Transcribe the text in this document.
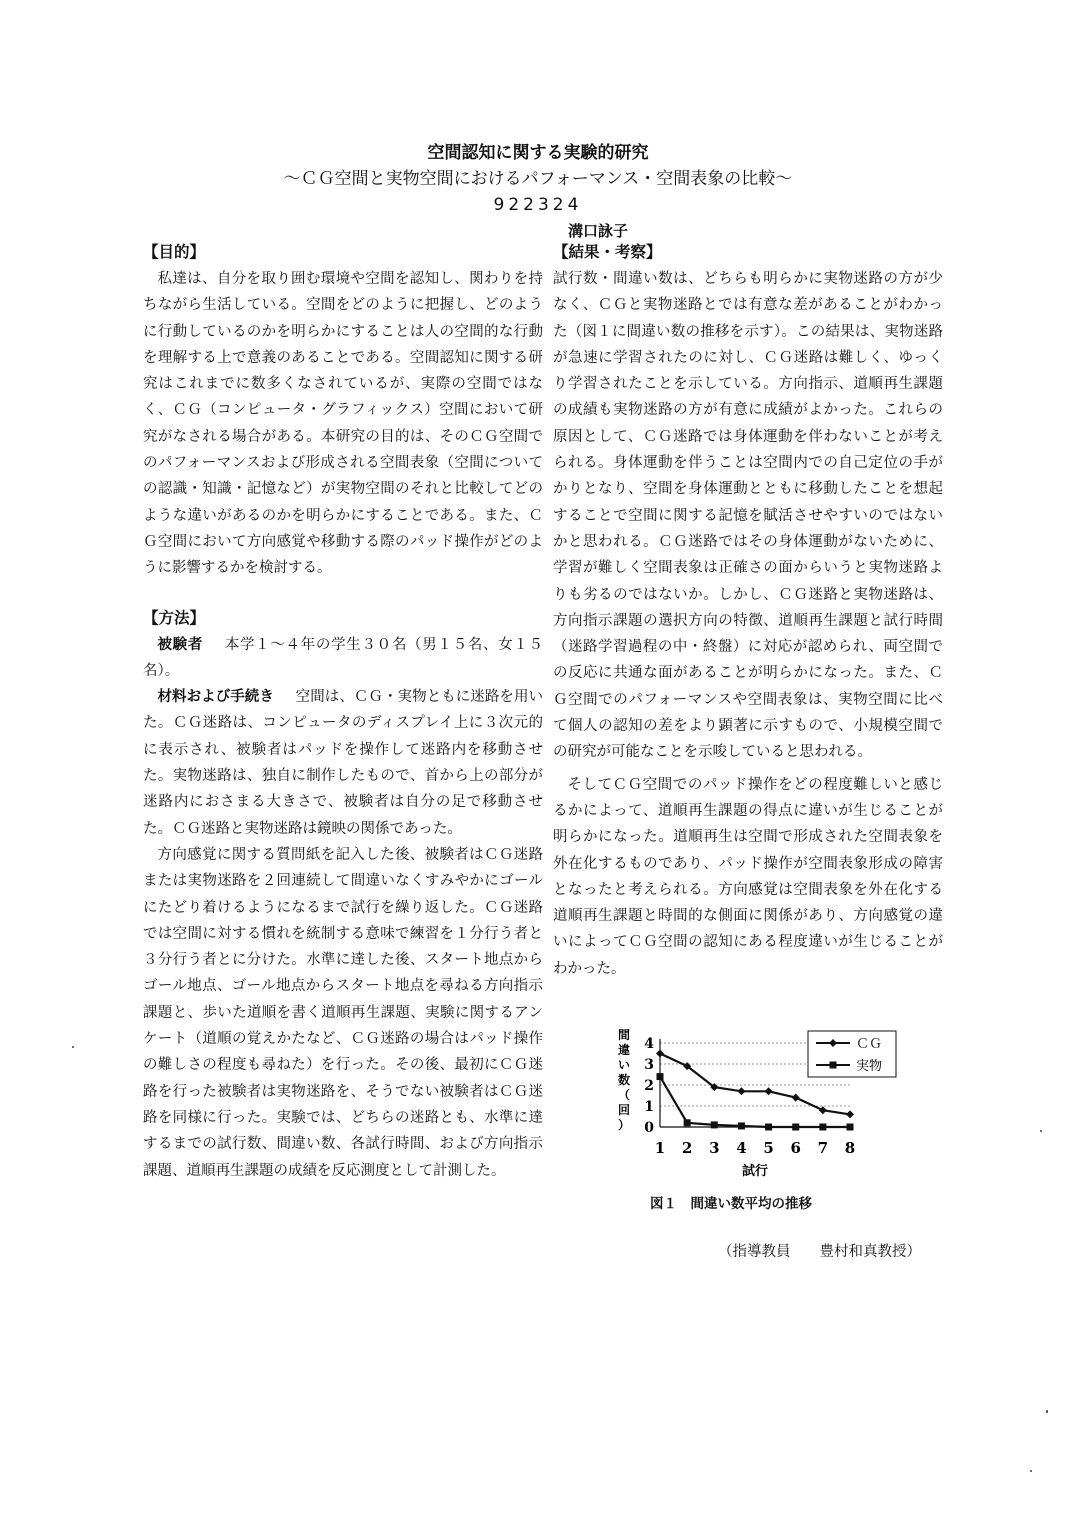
空間認知に関する実験的研究
～ＣＧ空間と実物空間におけるパフォーマンス・空間表象の比較～
922324
溝口詠子
【目的】

私達は、自分を取り囲む環境や空間を認知し、関わりを持ちながら生活している。空間をどのように把握し、どのように行動しているのかを明らかにすることは人の空間的な行動を理解する上で意義のあることである。空間認知に関する研究はこれまでに数多くなされているが、実際の空間ではなく、ＣＧ（コンピュータ・グラフィックス）空間において研究がなされる場合がある。本研究の目的は、そのＣＧ空間でのパフォーマンスおよび形成される空間表象（空間についての認識・知識・記憶など）が実物空間のそれと比較してどのような違いがあるのかを明らかにすることである。また、ＣＧ空間において方向感覚や移動する際のパッド操作がどのように影響するかを検討する。

【方法】

被験者 本学１～４年の学生３０名（男１５名、女１５名）。

材料および手続き 空間は、ＣＧ・実物ともに迷路を用いた。ＣＧ迷路は、コンピュータのディスプレイ上に３次元的に表示され、被験者はパッドを操作して迷路内を移動させた。実物迷路は、独自に制作したもので、首から上の部分が迷路内におさまる大きさで、被験者は自分の足で移動させた。ＣＧ迷路と実物迷路は鏡映の関係であった。

方向感覚に関する質問紙を記入した後、被験者はＣＧ迷路または実物迷路を２回連続して間違いなくすみやかにゴールにたどり着けるようになるまで試行を繰り返した。ＣＧ迷路では空間に対する慣れを統制する意味で練習を１分行う者と３分行う者とに分けた。水準に達した後、スタート地点からゴール地点、ゴール地点からスタート地点を尋ねる方向指示課題と、歩いた道順を書く道順再生課題、実験に関するアンケート（道順の覚えかたなど、ＣＧ迷路の場合はパッド操作の難しさの程度も尋ねた）を行った。その後、最初にＣＧ迷路を行った被験者は実物迷路を、そうでない被験者はＣＧ迷路を同様に行った。実験では、どちらの迷路とも、水準に達するまでの試行数、間違い数、各試行時間、および方向指示課題、道順再生課題の成績を反応測度として計測した。

【結果・考察】

試行数・間違い数は、どちらも明らかに実物迷路の方が少なく、ＣＧと実物迷路とでは有意な差があることがわかった（図１に間違い数の推移を示す）。この結果は、実物迷路が急速に学習されたのに対し、ＣＧ迷路は難しく、ゆっくり学習されたことを示している。方向指示、道順再生課題の成績も実物迷路の方が有意に成績がよかった。これらの原因として、ＣＧ迷路では身体運動を伴わないことが考えられる。身体運動を伴うことは空間内での自己定位の手がかりとなり、空間を身体運動とともに移動したことを想起することで空間に関する記憶を賦活させやすいのではないかと思われる。ＣＧ迷路ではその身体運動がないために、学習が難しく空間表象は正確さの面からいうと実物迷路よりも劣るのではないか。しかし、ＣＧ迷路と実物迷路は、方向指示課題の選択方向の特徴、道順再生課題と試行時間（迷路学習過程の中・終盤）に対応が認められ、両空間での反応に共通な面があることが明らかになった。また、ＣＧ空間でのパフォーマンスや空間表象は、実物空間に比べて個人の認知の差をより顕著に示すもので、小規模空間での研究が可能なことを示唆していると思われる。

そしてＣＧ空間でのパッド操作をどの程度難しいと感じるかによって、道順再生課題の得点に違いが生じることが明らかになった。道順再生は空間で形成された空間表象を外在化するものであり、パッド操作が空間表象形成の障害となったと考えられる。方向感覚は空間表象を外在化する道順再生課題と時間的な側面に関係があり、方向感覚の違いによってＣＧ空間の認知にある程度違いが生じることがわかった。

間
違
い
数
（
回
） 0
1
2
3
4
1 2 3 4 5 6 7 8
試行
ＣＧ
実物
図１　間違い数平均の推移
（指導教員　　豊村和真教授）
